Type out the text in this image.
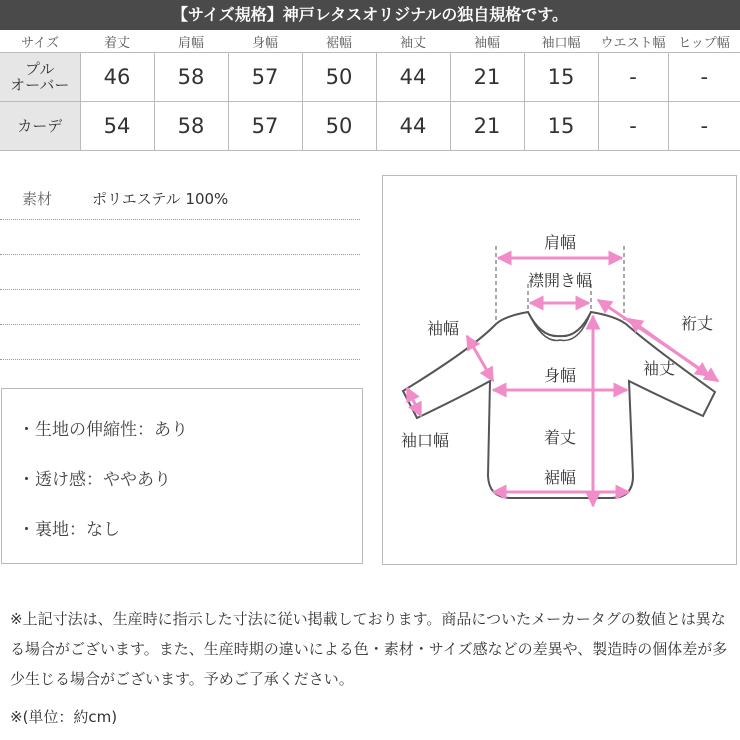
【サイズ規格】神戸レタスオリジナルの独自規格です。
サイズ	着丈	肩幅	身幅	裾幅	袖丈	袖幅	袖口幅	ウエスト幅	ヒップ幅
プル
オーバー	46	58	57	50	44	21	15	-	-
カーデ	54	58	57	50	44	21	15	-	-
素材	ポリエステル 100%
・生地の伸縮性：あり
・透け感：ややあり
・裏地：なし
肩幅
襟開き幅
袖幅	裄丈
袖丈
身幅
袖口幅	着丈
裾幅
※上記寸法は、生産時に指示した寸法に従い掲載しております。商品についたメーカータグの数値とは異なる場合がございます。また、生産時期の違いによる色・素材・サイズ感などの差異や、製造時の個体差が多少生じる場合がございます。予めご了承ください。
※(単位：約cm)
